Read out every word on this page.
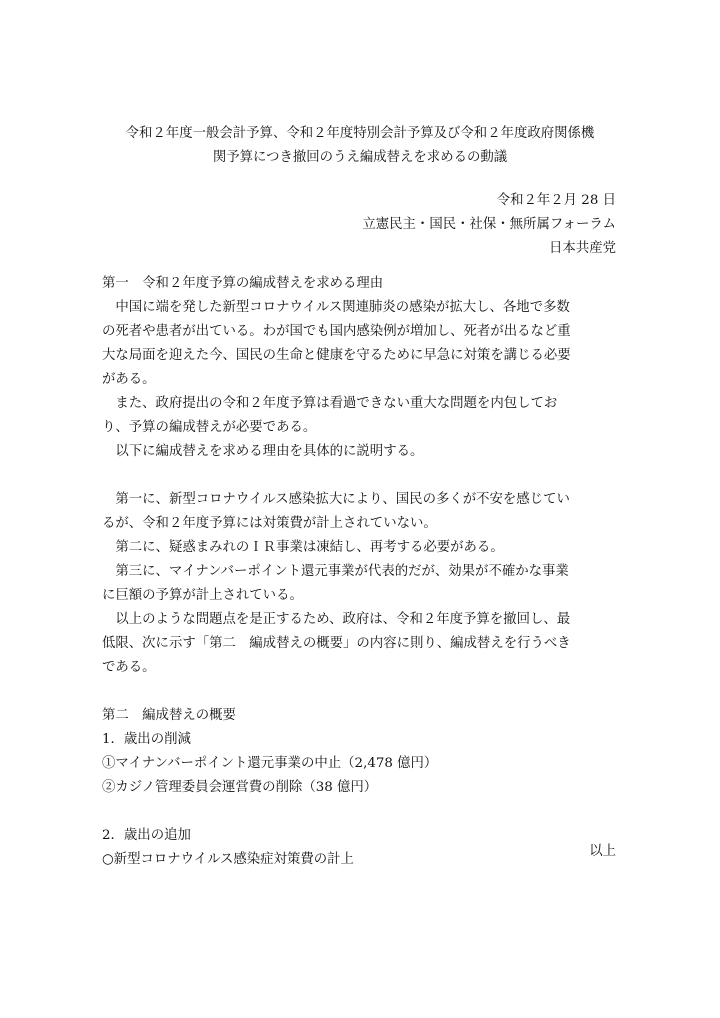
令和２年度一般会計予算、令和２年度特別会計予算及び令和２年度政府関係機
関予算につき撤回のうえ編成替えを求めるの動議
令和２年２月 28 日
立憲民主・国民・社保・無所属フォーラム
日本共産党
第一　令和２年度予算の編成替えを求める理由
　中国に端を発した新型コロナウイルス関連肺炎の感染が拡大し、各地で多数
の死者や患者が出ている。わが国でも国内感染例が増加し、死者が出るなど重
大な局面を迎えた今、国民の生命と健康を守るために早急に対策を講じる必要
がある。
　また、政府提出の令和２年度予算は看過できない重大な問題を内包してお
り、予算の編成替えが必要である。
　以下に編成替えを求める理由を具体的に説明する。
　第一に、新型コロナウイルス感染拡大により、国民の多くが不安を感じてい
るが、令和２年度予算には対策費が計上されていない。
　第二に、疑惑まみれのＩＲ事業は凍結し、再考する必要がある。
　第三に、マイナンバーポイント還元事業が代表的だが、効果が不確かな事業
に巨額の予算が計上されている。
　以上のような問題点を是正するため、政府は、令和２年度予算を撤回し、最
低限、次に示す「第二　編成替えの概要」の内容に則り、編成替えを行うべき
である。
第二　編成替えの概要
1．歳出の削減
①マイナンバーポイント還元事業の中止（2,478 億円）
②カジノ管理委員会運営費の削除（38 億円）
2．歳出の追加
○新型コロナウイルス感染症対策費の計上
以上
